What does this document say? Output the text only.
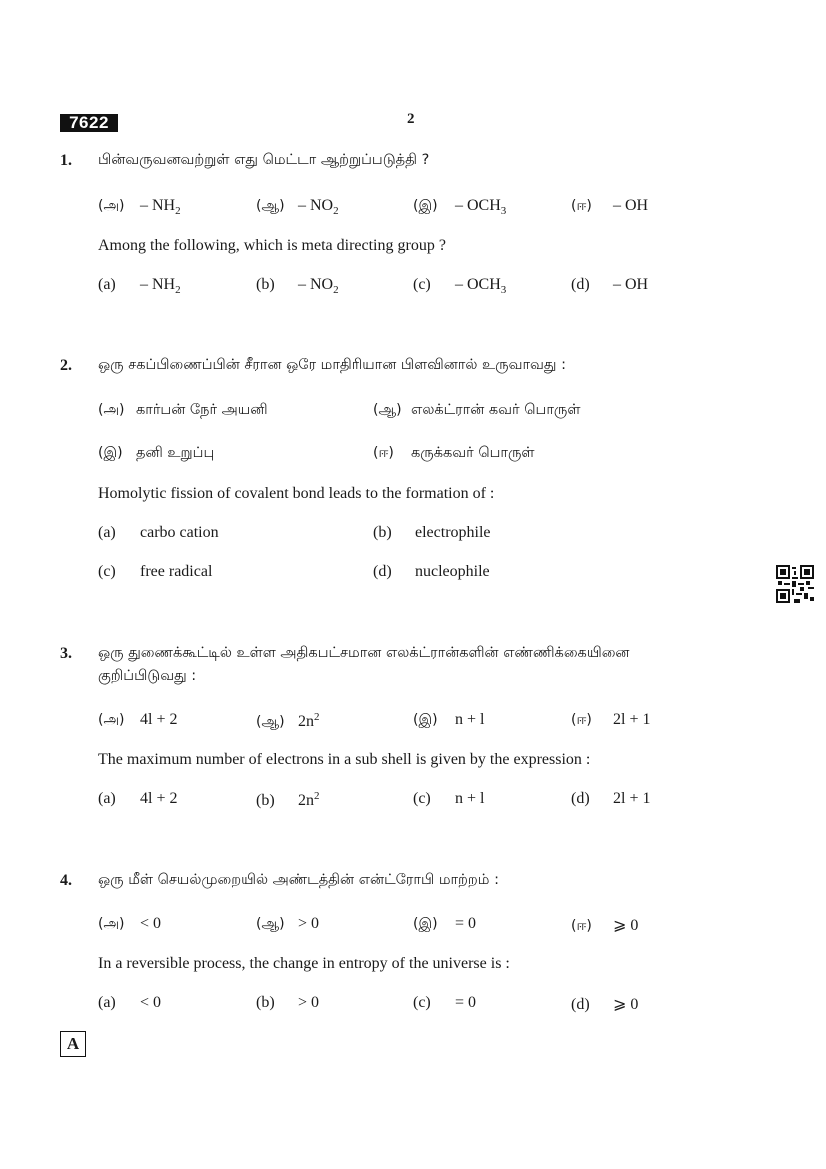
7622	2
1. பின்வருவனவற்றுள் எது மெட்டா ஆற்றுப்படுத்தி ?
(அ) – $NH_2$	(ஆ) – $NO_2$	(இ) – $OCH_3$	(ஈ) – OH
Among the following, which is meta directing group ?
$(a) - NH_2$	$(b) - NO_2$	$(c) - OCH_3$	(d) – OH
2. ஒரு சகப்பிணைப்பின் சீரான ஒரே மாதிரியான பிளவினால் உருவாவது :
(அ) கார்பன் நேர் அயனி	(ஆ) எலக்ட்ரான் கவர் பொருள்
(இ) தனி உறுப்பு	(ஈ) கருக்கவர் பொருள்
Homolytic fission of covalent bond leads to the formation of :
(a) carbo cation	(b) electrophile
(c) free radical	(d) nucleophile
3. ஒரு துணைக்கூட்டில் உள்ள அதிகபட்சமான எலக்ட்ரான்களின் எண்ணிக்கையினை
குறிப்பிடுவது :
(அ) 4l + 2	(ஆ) $2n^2$	(இ) n + l	(ஈ) 2l + 1
The maximum number of electrons in a sub shell is given by the expression :
(a) 4l + 2	(b) $2n^2$	(c) n + l	(d) 2l + 1
4. ஒரு மீள் செயல்முறையில் அண்டத்தின் என்ட்ரோபி மாற்றம் :
(அ) < 0	(ஆ) > 0	(இ) = 0	(ஈ) ⩾ 0
In a reversible process, the change in entropy of the universe is :
(a) < 0	(b) > 0	(c) = 0	(d) ⩾ 0
A
